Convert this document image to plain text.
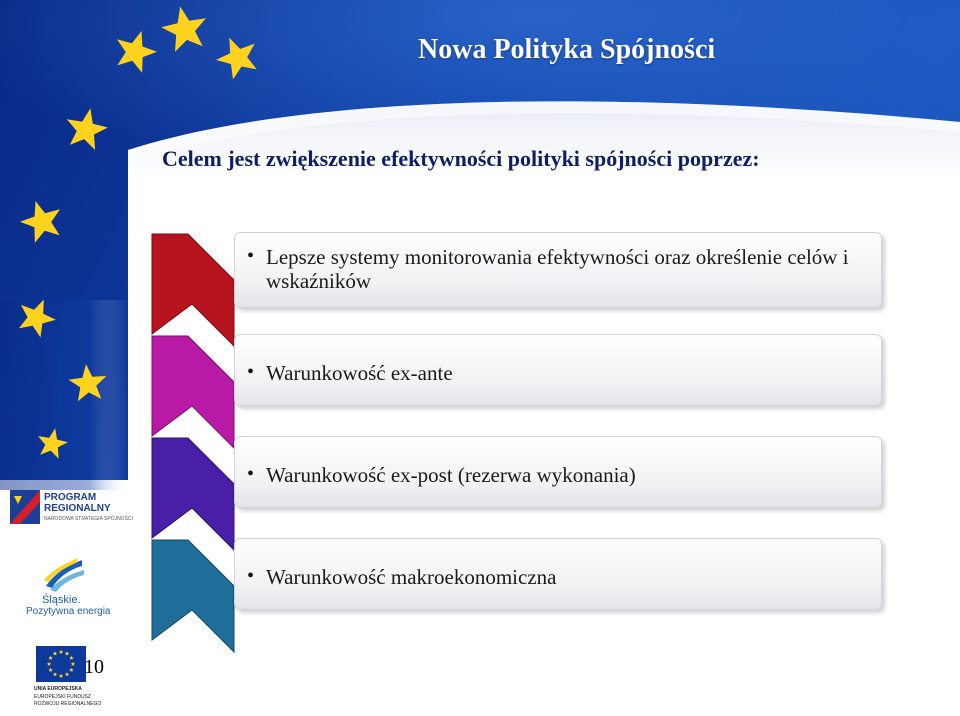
Nowa Polityka Spójności
Celem jest zwiększenie efektywności polityki spójności poprzez:
• Lepsze systemy monitorowania efektywności oraz określenie celów i wskaźników
• Warunkowość ex-ante
• Warunkowość ex-post (rezerwa wykonania)
• Warunkowość makroekonomiczna
PROGRAM
REGIONALNY
NARODOWA STRATEGIA SPÓJNOŚCI
Śląskie.
Pozytywna energia
UNIA EUROPEJSKA
EUROPEJSKI FUNDUSZ
ROZWOJU REGIONALNEGO
10
